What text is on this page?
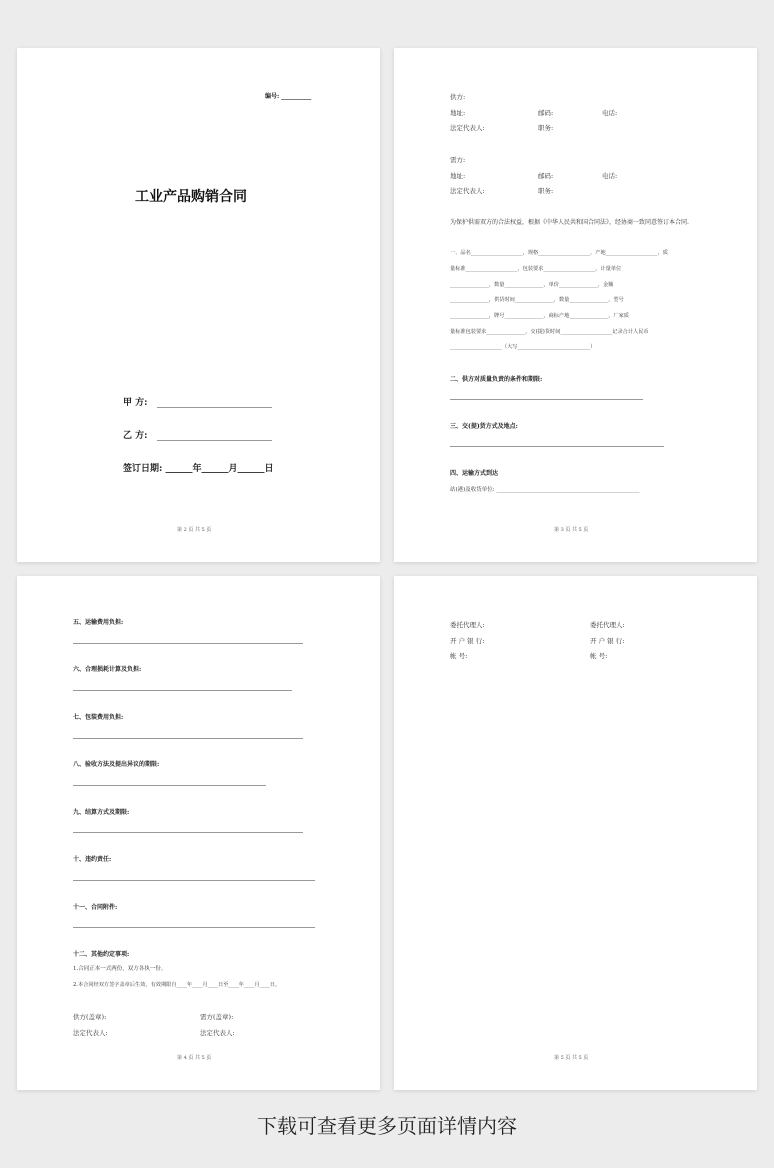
编号: __________
工业产品购销合同
甲 方:
乙 方:
签订日期: ______年______月______日
第 2 页 共 5 页
供方:
地址:	邮码:	电话:
法定代表人:	职务:
需方:
地址:	邮码:	电话:
法定代表人:	职务:
为保护供需双方的合法权益，根据《中华人民共和国合同法》，经协商一致同意签订本合同.
一、品名____________________，规格____________________，产地____________________，质
量标准____________________，包装要求____________________，计量单位
_______________，数量_______________，单价_______________，金额
_______________，供货时间_______________，数量_______________，型号
_______________，牌号_______________，商标产地_______________，厂家质
量标准包装要求_______________，交(提)货时间____________________记录合计人民币
____________________（大写____________________________）
二、供方对质量负责的条件和期限:
三、交(提)货方式及地点:
四、运输方式到达
站(港)及收货单位: ____________________________________________________
第 3 页 共 5 页
五、运输费用负担:
六、合理损耗计算及负担:
七、包装费用负担:
八、验收方法及提出异议的期限:
九、结算方式及期限:
十、违约责任:
十一、合同附件:
十二、其他约定事项:
1.合同正本一式两份，双方各执一份。
2.本合同经双方签字盖章后生效，有效期限自____年____月____日至____年____月____日。
供方(盖章):	需方(盖章):
法定代表人:	法定代表人:
第 4 页 共 5 页
委托代理人:	委托代理人:
开 户 银 行:	开 户 银 行:
帐 号:	帐 号:
第 5 页 共 5 页
下载可查看更多页面详情内容
